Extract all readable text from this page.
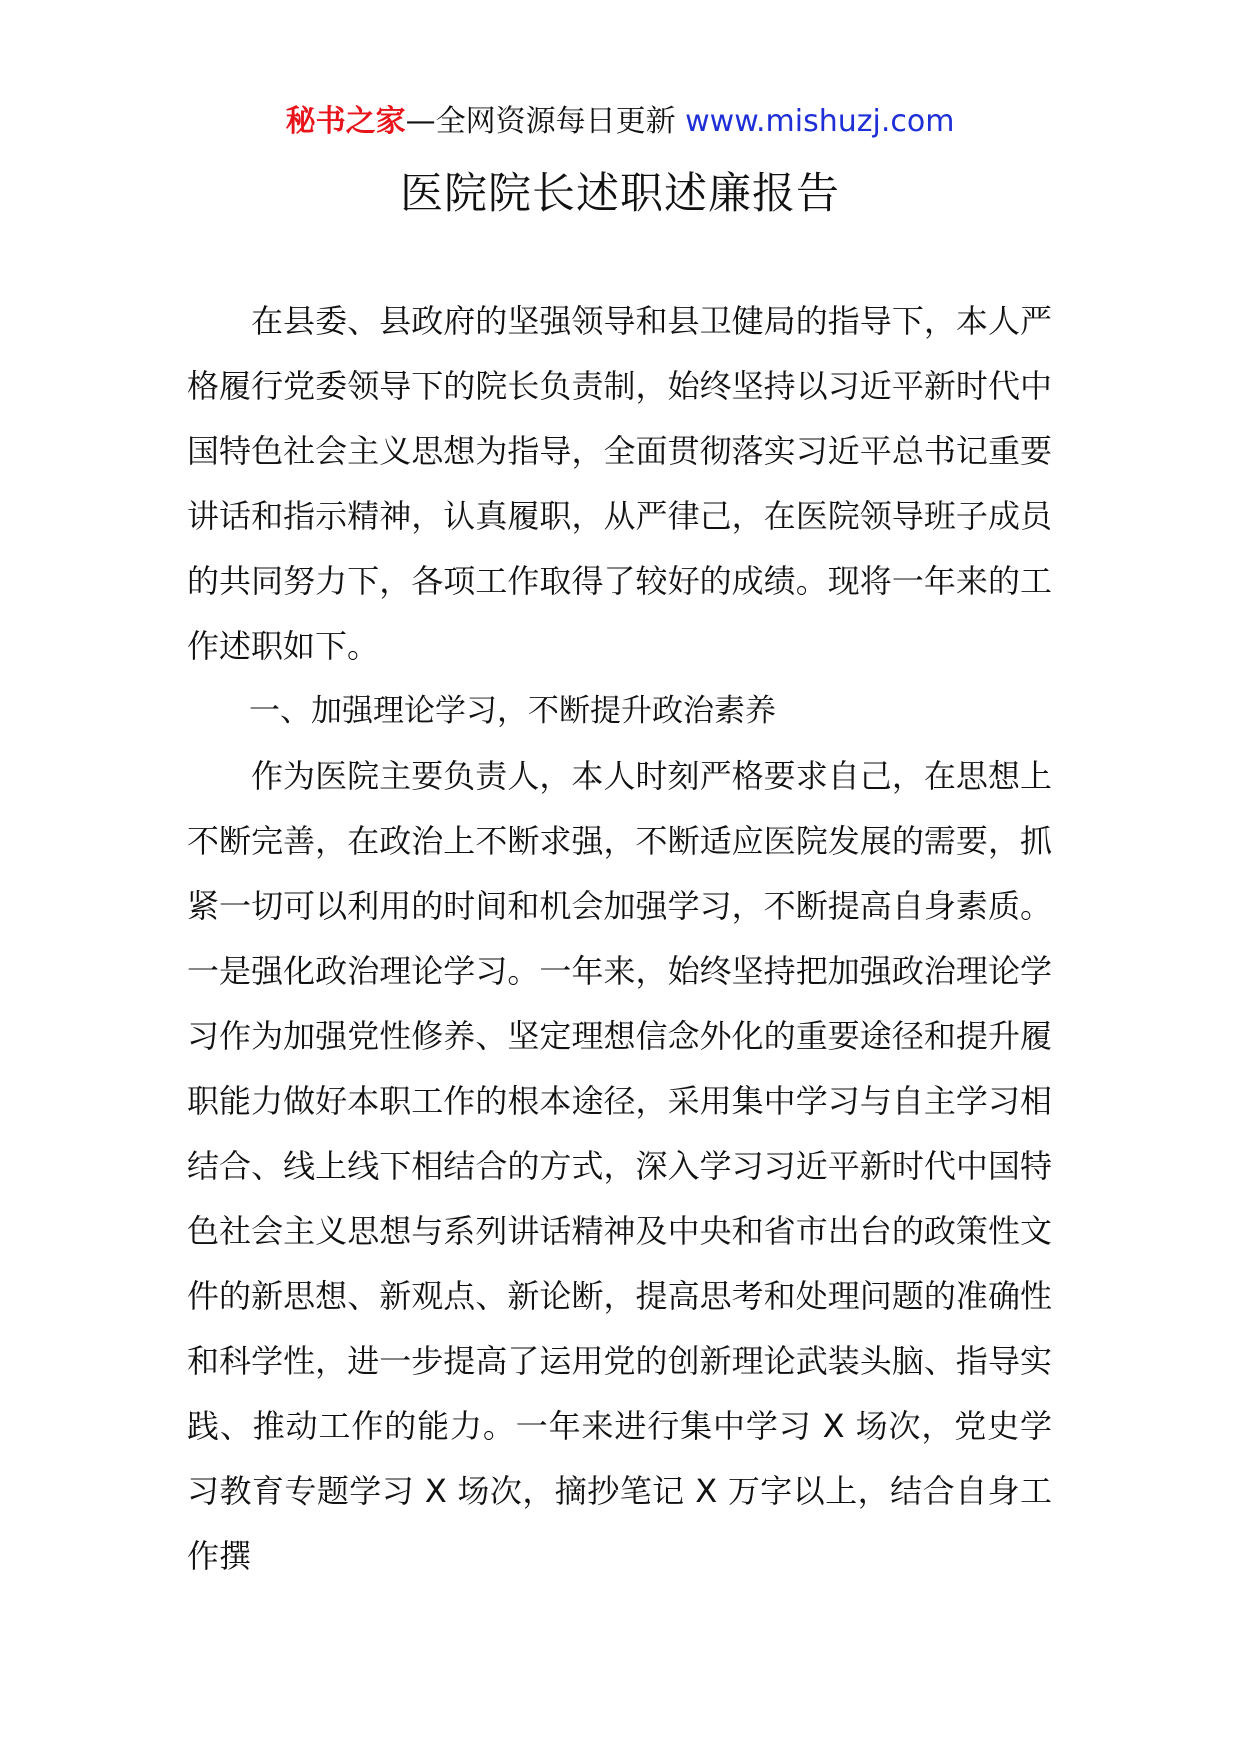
秘书之家—全网资源每日更新 www.mishuzj.com
医院院长述职述廉报告

在县委、县政府的坚强领导和县卫健局的指导下，本人严格履行党委领导下的院长负责制，始终坚持以习近平新时代中国特色社会主义思想为指导，全面贯彻落实习近平总书记重要讲话和指示精神，认真履职，从严律己，在医院领导班子成员的共同努力下，各项工作取得了较好的成绩。现将一年来的工作述职如下。

一、加强理论学习，不断提升政治素养

作为医院主要负责人，本人时刻严格要求自己，在思想上不断完善，在政治上不断求强，不断适应医院发展的需要，抓紧一切可以利用的时间和机会加强学习，不断提高自身素质。一是强化政治理论学习。一年来，始终坚持把加强政治理论学习作为加强党性修养、坚定理想信念外化的重要途径和提升履职能力做好本职工作的根本途径，采用集中学习与自主学习相结合、线上线下相结合的方式，深入学习习近平新时代中国特色社会主义思想与系列讲话精神及中央和省市出台的政策性文件的新思想、新观点、新论断，提高思考和处理问题的准确性和科学性，进一步提高了运用党的创新理论武装头脑、指导实践、推动工作的能力。一年来进行集中学习 X 场次，党史学习教育专题学习 X 场次，摘抄笔记 X 万字以上，结合自身工作撰
